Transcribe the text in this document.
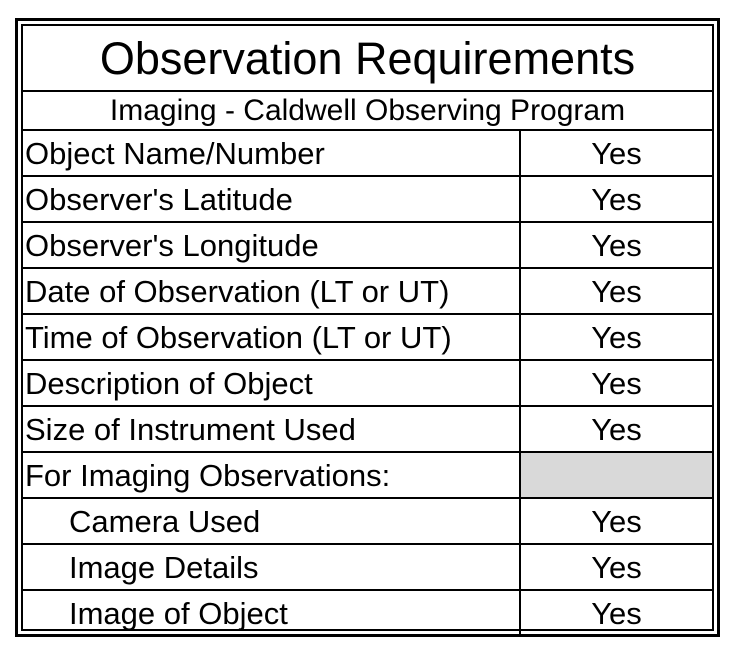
Observation Requirements	
Imaging - Caldwell Observing Program	
Object Name/Number	Yes
Observer's Latitude	Yes
Observer's Longitude	Yes
Date of Observation (LT or UT)	Yes
Time of Observation (LT or UT)	Yes
Description of Object	Yes
Size of Instrument Used	Yes
For Imaging Observations:	
Camera Used	Yes
Image Details	Yes
Image of Object	Yes
